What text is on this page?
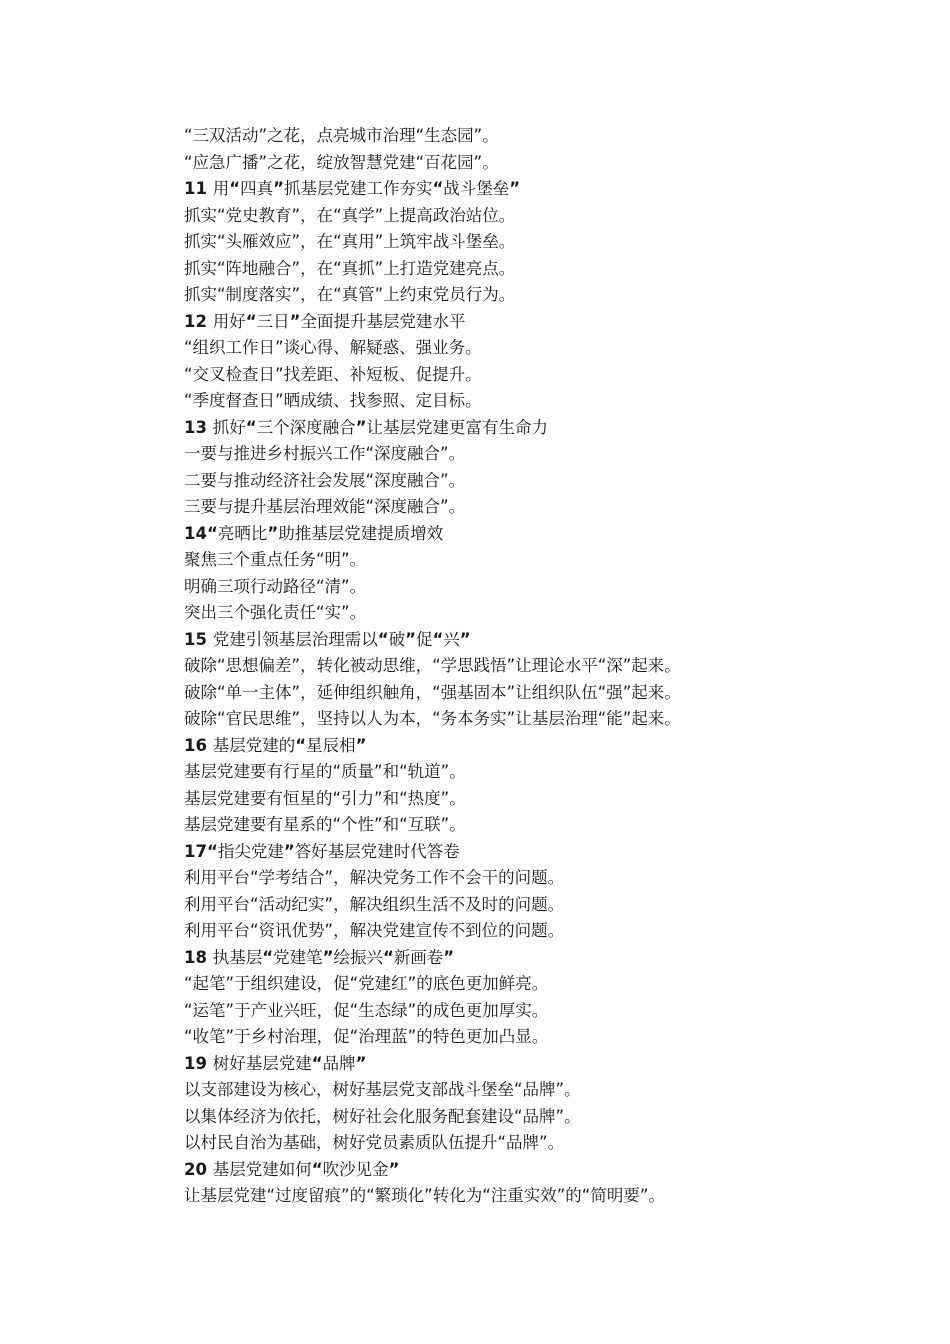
“三双活动”之花，点亮城市治理“生态园”。
“应急广播”之花，绽放智慧党建“百花园”。
11 用“四真”抓基层党建工作夯实“战斗堡垒”
抓实“党史教育”，在“真学”上提高政治站位。
抓实“头雁效应”，在“真用”上筑牢战斗堡垒。
抓实“阵地融合”，在“真抓”上打造党建亮点。
抓实“制度落实”，在“真管”上约束党员行为。
12 用好“三日”全面提升基层党建水平
“组织工作日”谈心得、解疑惑、强业务。
“交叉检查日”找差距、补短板、促提升。
“季度督查日”晒成绩、找参照、定目标。
13 抓好“三个深度融合”让基层党建更富有生命力
一要与推进乡村振兴工作“深度融合”。
二要与推动经济社会发展“深度融合”。
三要与提升基层治理效能“深度融合”。
14“亮晒比”助推基层党建提质增效
聚焦三个重点任务“明”。
明确三项行动路径“清”。
突出三个强化责任“实”。
15 党建引领基层治理需以“破”促“兴”
破除“思想偏差”，转化被动思维，“学思践悟”让理论水平“深”起来。
破除“单一主体”，延伸组织触角，“强基固本”让组织队伍“强”起来。
破除“官民思维”，坚持以人为本，“务本务实”让基层治理“能”起来。
16 基层党建的“星辰相”
基层党建要有行星的“质量”和“轨道”。
基层党建要有恒星的“引力”和“热度”。
基层党建要有星系的“个性”和“互联”。
17“指尖党建”答好基层党建时代答卷
利用平台“学考结合”，解决党务工作不会干的问题。
利用平台“活动纪实”，解决组织生活不及时的问题。
利用平台“资讯优势”，解决党建宣传不到位的问题。
18 执基层“党建笔”绘振兴“新画卷”
“起笔”于组织建设，促“党建红”的底色更加鲜亮。
“运笔”于产业兴旺，促“生态绿”的成色更加厚实。
“收笔”于乡村治理，促“治理蓝”的特色更加凸显。
19 树好基层党建“品牌”
以支部建设为核心，树好基层党支部战斗堡垒“品牌”。
以集体经济为依托，树好社会化服务配套建设“品牌”。
以村民自治为基础，树好党员素质队伍提升“品牌”。
20 基层党建如何“吹沙见金”
让基层党建“过度留痕”的“繁琐化”转化为“注重实效”的“简明要”。
